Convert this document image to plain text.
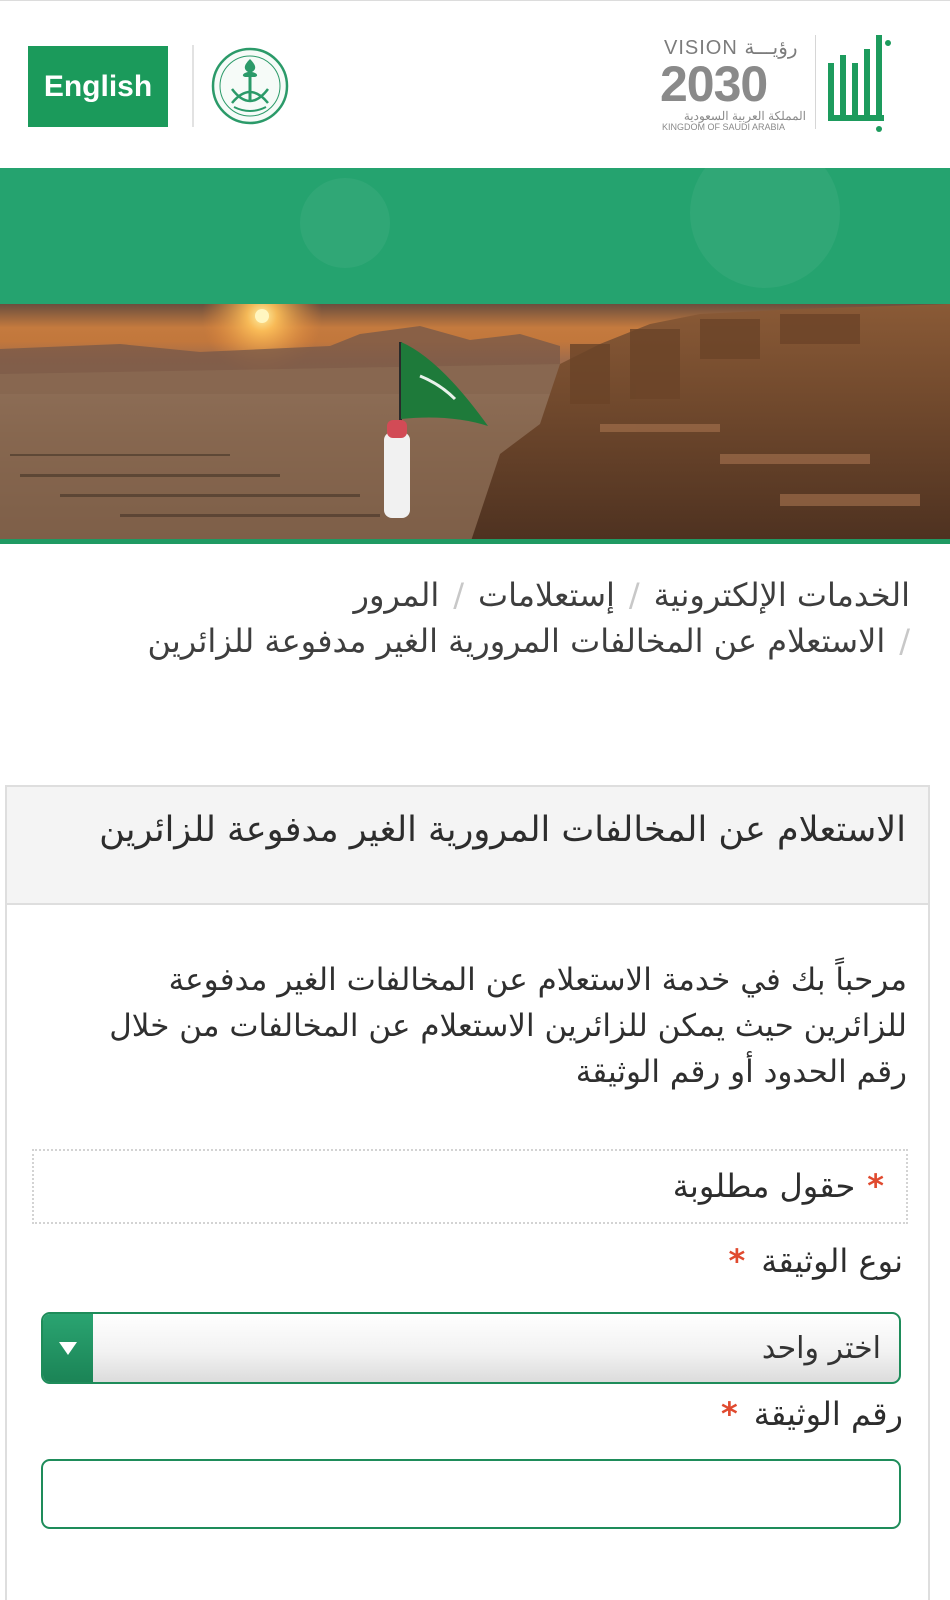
English
VISION رؤيـــة
2030
المملكة العربية السعودية
KINGDOM OF SAUDI ARABIA
الخدمات الإلكترونية/إستعلامات/المرور
/الاستعلام عن المخالفات المرورية الغير مدفوعة للزائرين
الاستعلام عن المخالفات المرورية الغير مدفوعة للزائرين
مرحباً بك في خدمة الاستعلام عن المخالفات الغير مدفوعة للزائرين حيث يمكن للزائرين الاستعلام عن المخالفات من خلال رقم الحدود أو رقم الوثيقة
*حقول مطلوبة
نوع الوثيقة*
اختر واحد
رقم الوثيقة*
